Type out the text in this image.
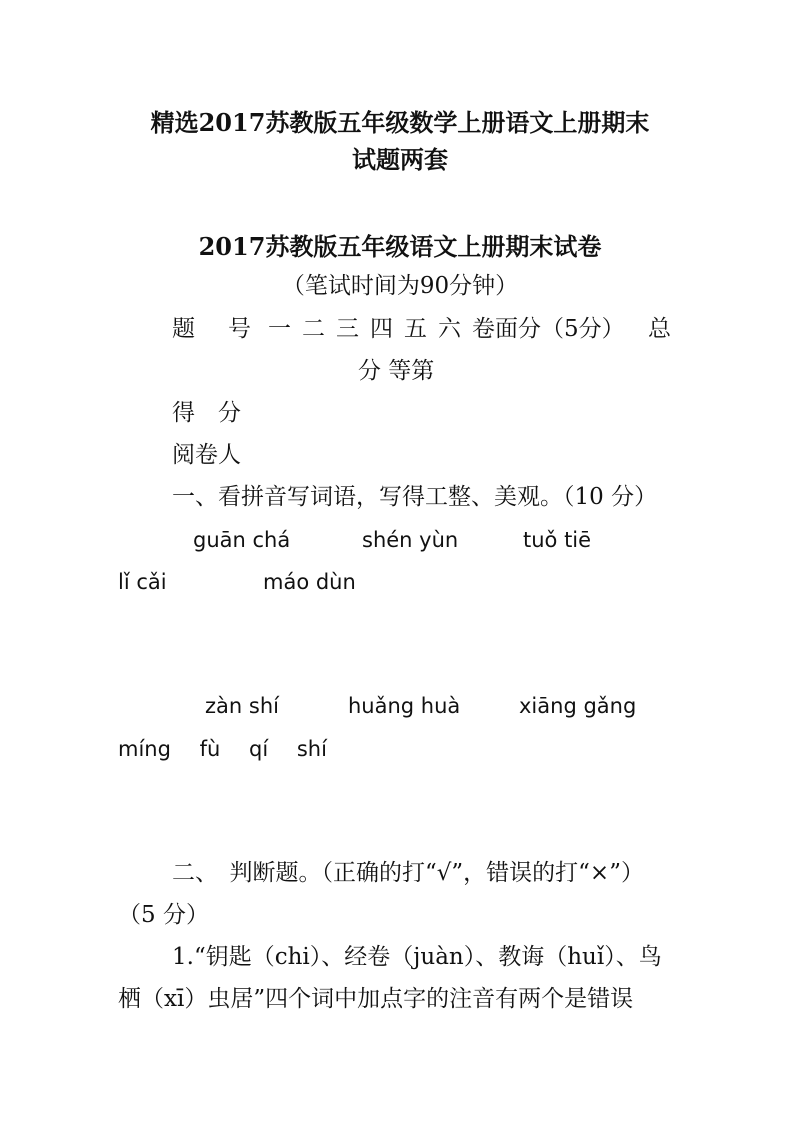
精选2017苏教版五年级数学上册语文上册期末
试题两套
2017苏教版五年级语文上册期末试卷
（笔试时间为90分钟）
题 号 一 二 三 四 五 六 卷面分（5分） 总
分 等第
得　分
阅卷人
一、看拼音写词语，写得工整、美观。（10 分）
guān chá	shén yùn	tuǒ tiē
lǐ cǎi	máo dùn
zàn shí	huǎng huà	xiāng gǎng
míng fù qí shí
二、　判断题。（正确的打“√”，错误的打“×”）
（5 分）
1.“钥匙（chi）、经卷（juàn）、教诲（huǐ）、鸟
栖（xī）虫居”四个词中加点字的注音有两个是错误
